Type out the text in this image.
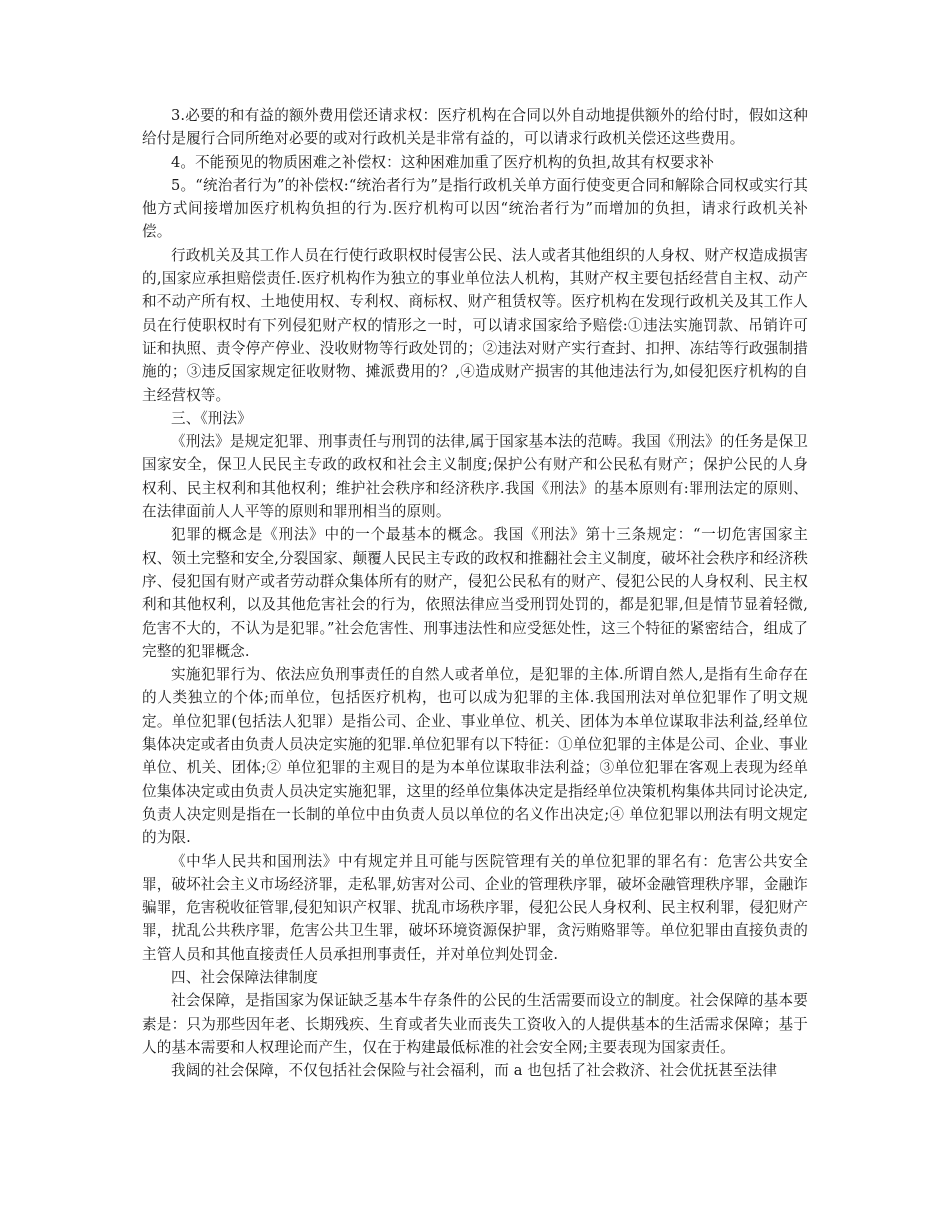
3.必要的和有益的额外费用偿还请求权：医疗机构在合同以外自动地提供额外的给付时，假如这种给付是履行合同所绝对必要的或对行政机关是非常有益的，可以请求行政机关偿还这些费用。

4。不能预见的物质困难之补偿权：这种困难加重了医疗机构的负担,故其有权要求补

5。“统治者行为”的补偿权:“统治者行为”是指行政机关单方面行使变更合同和解除合同权或实行其他方式间接增加医疗机构负担的行为.医疗机构可以因“统治者行为”而增加的负担，请求行政机关补偿。

行政机关及其工作人员在行使行政职权时侵害公民、法人或者其他组织的人身权、财产权造成损害的,国家应承担赔偿责任.医疗机构作为独立的事业单位法人机构，其财产权主要包括经营自主权、动产和不动产所有权、土地使用权、专利权、商标权、财产租赁权等。医疗机构在发现行政机关及其工作人员在行使职权时有下列侵犯财产权的情形之一时，可以请求国家给予赔偿:①违法实施罚款、吊销许可证和执照、责令停产停业、没收财物等行政处罚的；②违法对财产实行查封、扣押、冻结等行政强制措施的；③违反国家规定征收财物、摊派费用的？,④造成财产损害的其他违法行为,如侵犯医疗机构的自主经营权等。

三、《刑法》

《刑法》是规定犯罪、刑事责任与刑罚的法律,属于国家基本法的范畴。我国《刑法》的任务是保卫国家安全，保卫人民民主专政的政权和社会主义制度;保护公有财产和公民私有财产；保护公民的人身权利、民主权利和其他权利；维护社会秩序和经济秩序.我国《刑法》的基本原则有:罪刑法定的原则、在法律面前人人平等的原则和罪刑相当的原则。

犯罪的概念是《刑法》中的一个最基本的概念。我国《刑法》第十三条规定：“一切危害国家主权、领土完整和安全,分裂国家、颠覆人民民主专政的政权和推翻社会主义制度，破坏社会秩序和经济秩序、侵犯国有财产或者劳动群众集体所有的财产，侵犯公民私有的财产、侵犯公民的人身权利、民主权利和其他权利，以及其他危害社会的行为，依照法律应当受刑罚处罚的，都是犯罪,但是情节显着轻微,危害不大的，不认为是犯罪。”社会危害性、刑事违法性和应受惩处性，这三个特征的紧密结合，组成了完整的犯罪概念.

实施犯罪行为、依法应负刑事责任的自然人或者单位，是犯罪的主体.所谓自然人,是指有生命存在的人类独立的个体;而单位，包括医疗机构，也可以成为犯罪的主体.我国刑法对单位犯罪作了明文规定。单位犯罪(包括法人犯罪）是指公司、企业、事业单位、机关、团体为本单位谋取非法利益,经单位集体决定或者由负责人员决定实施的犯罪.单位犯罪有以下特征：①单位犯罪的主体是公司、企业、事业单位、机关、团体;② 单位犯罪的主观目的是为本单位谋取非法利益；③单位犯罪在客观上表现为经单位集体决定或由负责人员决定实施犯罪，这里的经单位集体决定是指经单位决策机构集体共同讨论决定,负责人决定则是指在一长制的单位中由负责人员以单位的名义作出决定;④ 单位犯罪以刑法有明文规定的为限.

《中华人民共和国刑法》中有规定并且可能与医院管理有关的单位犯罪的罪名有：危害公共安全罪，破坏社会主义市场经济罪，走私罪,妨害对公司、企业的管理秩序罪，破坏金融管理秩序罪，金融诈骗罪，危害税收征管罪,侵犯知识产权罪、扰乱市场秩序罪，侵犯公民人身权利、民主权利罪，侵犯财产罪，扰乱公共秩序罪，危害公共卫生罪，破坏环境资源保护罪，贪污贿赂罪等。单位犯罪由直接负责的主管人员和其他直接责任人员承担刑事责任，并对单位判处罚金.

四、社会保障法律制度

社会保障，是指国家为保证缺乏基本牛存条件的公民的生活需要而设立的制度。社会保障的基本要素是：只为那些因年老、长期残疾、生育或者失业而丧失工资收入的人提供基本的生活需求保障；基于人的基本需要和人权理论而产生，仅在于构建最低标准的社会安全网;主要表现为国家责任。

我阔的社会保障，不仅包括社会保险与社会福利，而 a 也包括了社会救济、社会优抚甚至法律
